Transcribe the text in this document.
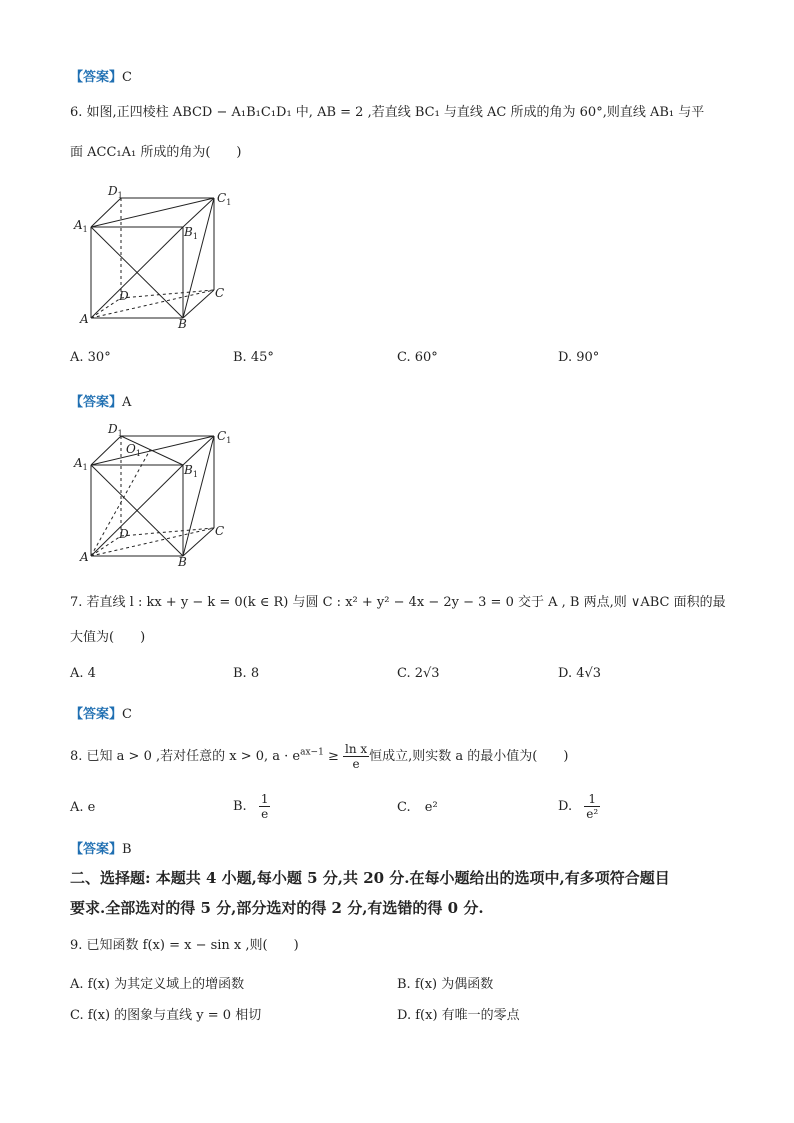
【答案】C
6. 如图,正四棱柱 ABCD − A₁B₁C₁D₁ 中, AB = 2 ,若直线 BC₁ 与直线 AC 所成的角为 60°,则直线 AB₁ 与平
面 ACC₁A₁ 所成的角为(　　)
$D_1$	$C_1$
$A_1$	$B_1$
D	C
A	B
A. 30°	B. 45°	C. 60°	D. 90°
【答案】A
$D_1$
$O_1$
$C_1$
$A_1$	$B_1$
D	C
A	B
7. 若直线 l : kx + y − k = 0(k ∈ R) 与圆 C : x² + y² − 4x − 2y − 3 = 0 交于 A , B 两点,则 ∨ABC 面积的最
大值为(　　)
A. 4	B. 8	C. 2√3	D. 4√3
【答案】C
8. 已知 a > 0 ,若对任意的 x > 0, $a \cdot e^{ax-1} \ge \frac{\text{ln x}}{e}$ 恒成立,则实数 a 的最小值为(　　)
A. e	B. $\frac{1}{e}$	C. e²	D. $\frac{1}{\text{e²}}$
【答案】B
二、选择题: 本题共 4 小题,每小题 5 分,共 20 分.在每小题给出的选项中,有多项符合题目
要求.全部选对的得 5 分,部分选对的得 2 分,有选错的得 0 分.
9. 已知函数 f(x) = x − sin x ,则(　　)
A. f(x) 为其定义域上的增函数	B. f(x) 为偶函数
C. f(x) 的图象与直线 y = 0 相切	D. f(x) 有唯一的零点
